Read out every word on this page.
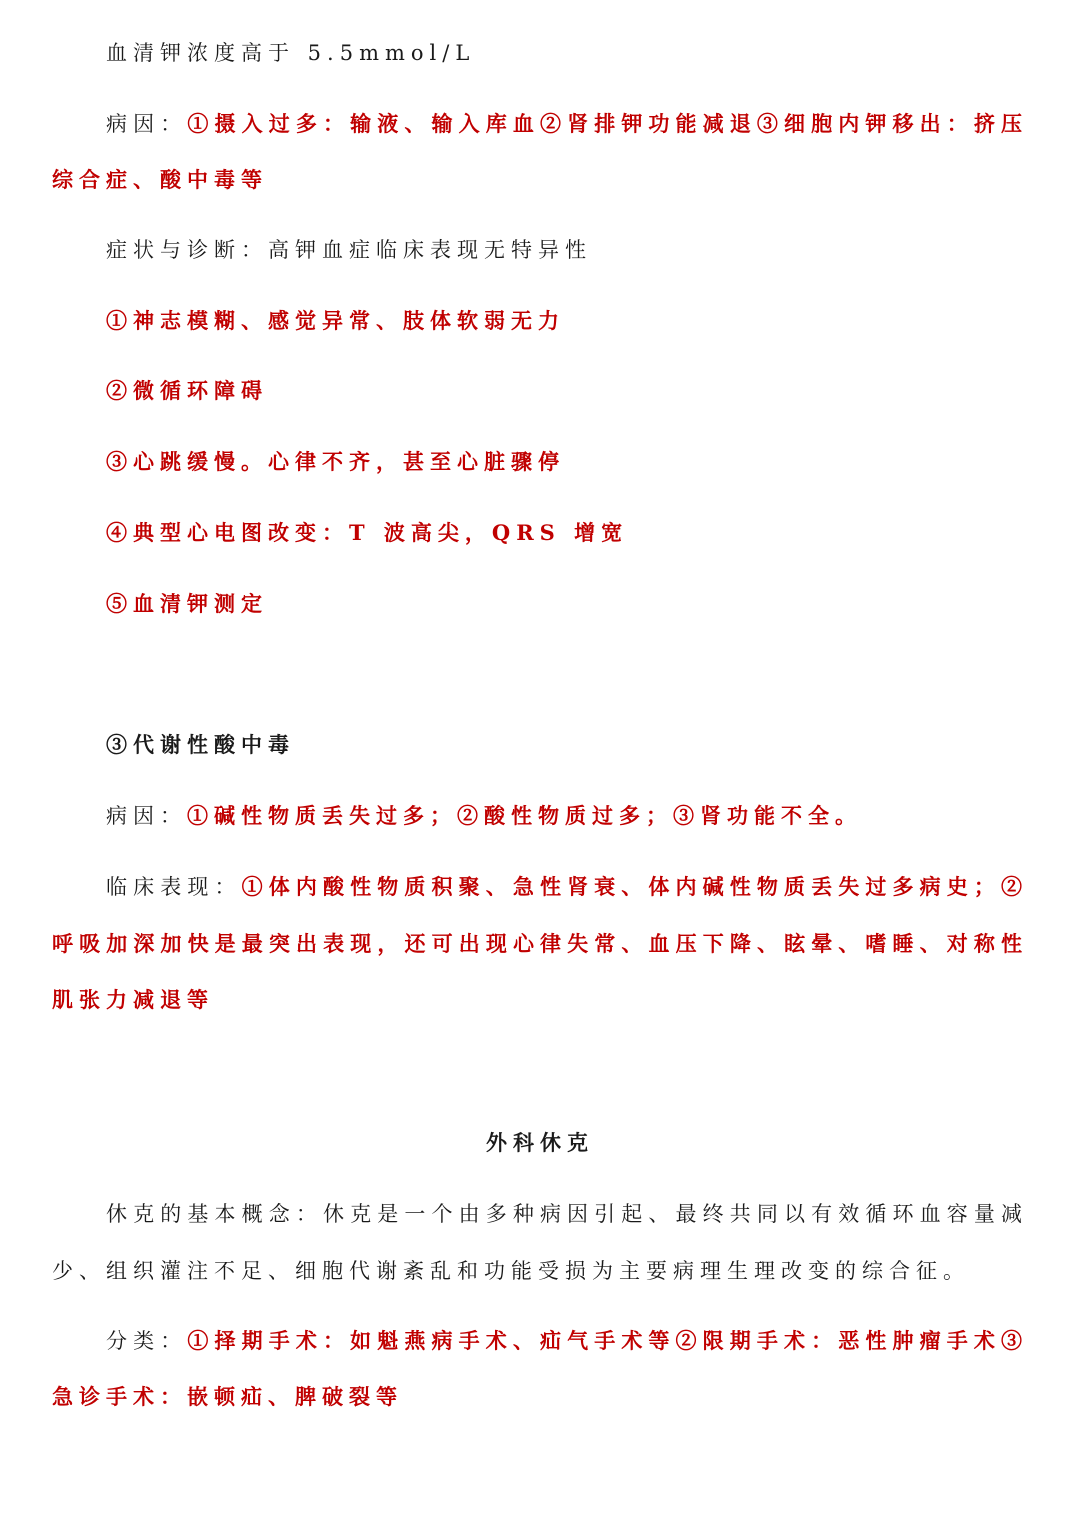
血清钾浓度高于 5.5mmol/L
病因：①摄入过多：输液、输入库血②肾排钾功能减退③细胞内钾移出：挤压
综合症、酸中毒等
症状与诊断：高钾血症临床表现无特异性
①神志模糊、感觉异常、肢体软弱无力
②微循环障碍
③心跳缓慢。心律不齐，甚至心脏骤停
④典型心电图改变：T 波高尖，QRS 增宽
⑤血清钾测定
③代谢性酸中毒
病因：①碱性物质丢失过多；②酸性物质过多；③肾功能不全。
临床表现：①体内酸性物质积聚、急性肾衰、体内碱性物质丢失过多病史；②
呼吸加深加快是最突出表现，还可出现心律失常、血压下降、眩晕、嗜睡、对称性
肌张力减退等
外科休克
休克的基本概念：休克是一个由多种病因引起、最终共同以有效循环血容量减
少、组织灌注不足、细胞代谢紊乱和功能受损为主要病理生理改变的综合征。
分类：①择期手术：如魁燕病手术、疝气手术等②限期手术：恶性肿瘤手术③
急诊手术：嵌顿疝、脾破裂等
